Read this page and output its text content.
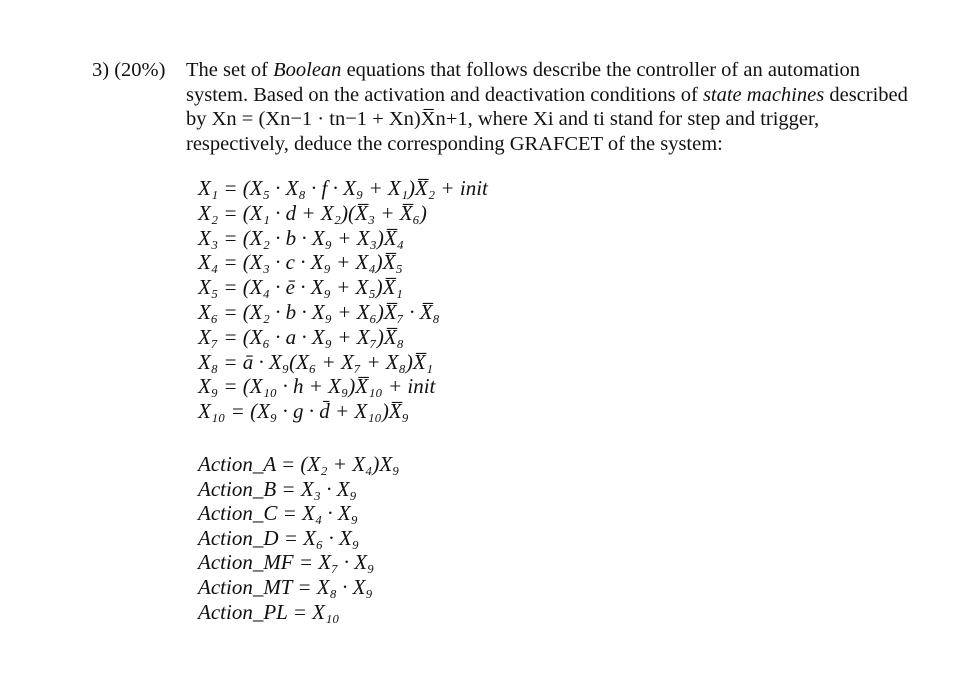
3) (20%) The set of Boolean equations that follows describe the controller of an automation
system. Based on the activation and deactivation conditions of state machines described
by Xn = (Xn−1 · tn−1 + Xn)X̅n+1, where Xi and ti stand for step and trigger,
respectively, deduce the corresponding GRAFCET of the system:
X₁ = (X₅ · X₈ · f · X₉ + X₁)X̅₂ + init
X₂ = (X₁ · d + X₂)(X̅₃ + X̅₆)
X₃ = (X₂ · b · X₉ + X₃)X̅₄
X₄ = (X₃ · c · X₉ + X₄)X̅₅
X₅ = (X₄ · ē · X₉ + X₅)X̅₁
X₆ = (X₂ · b · X₉ + X₆)X̅₇ · X̅₈
X₇ = (X₆ · a · X₉ + X₇)X̅₈
X₈ = ā · X₉(X₆ + X₇ + X₈)X̅₁
X₉ = (X₁₀ · h + X₉)X̅₁₀ + init
X₁₀ = (X₉ · g · d̄ + X₁₀)X̅₉
Action_A = (X₂ + X₄)X₉
Action_B = X₃ · X₉
Action_C = X₄ · X₉
Action_D = X₆ · X₉
Action_MF = X₇ · X₉
Action_MT = X₈ · X₉
Action_PL = X₁₀
